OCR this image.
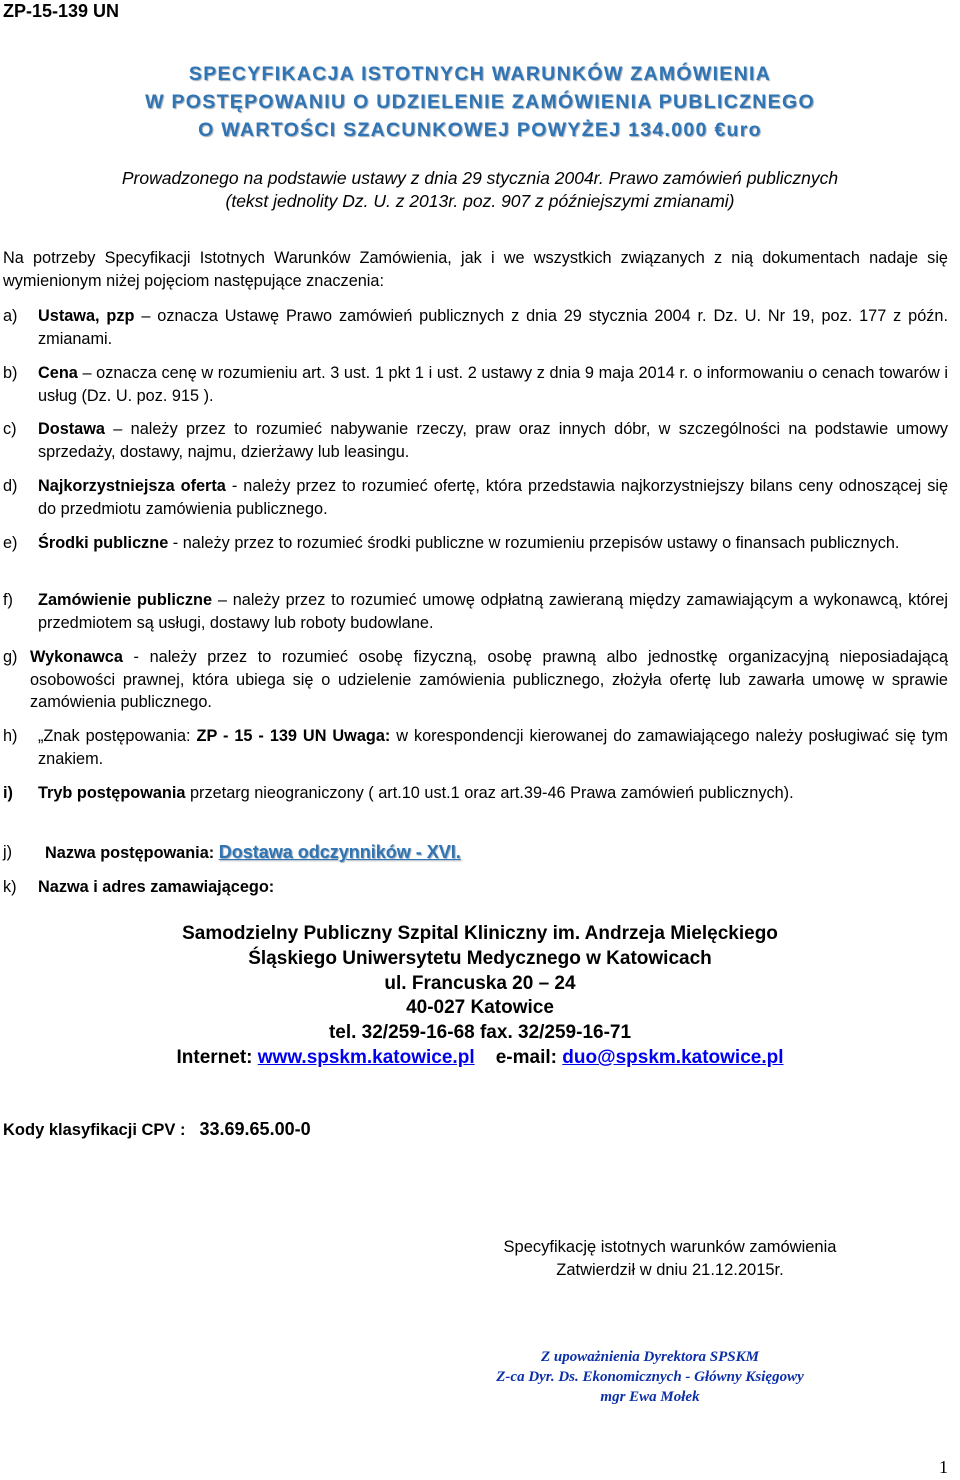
ZP-15-139 UN
SPECYFIKACJA ISTOTNYCH WARUNKÓW ZAMÓWIENIA
W POSTĘPOWANIU O UDZIELENIE ZAMÓWIENIA PUBLICZNEGO
O WARTOŚCI SZACUNKOWEJ POWYŻEJ 134.000 €uro
Prowadzonego na podstawie ustawy z dnia 29 stycznia 2004r. Prawo zamówień publicznych
(tekst jednolity Dz. U. z 2013r. poz. 907 z późniejszymi zmianami)
Na potrzeby Specyfikacji Istotnych Warunków Zamówienia, jak i we wszystkich związanych z nią dokumentach nadaje się wymienionym niżej pojęciom następujące znaczenia:
a) Ustawa, pzp – oznacza Ustawę Prawo zamówień publicznych z dnia 29 stycznia 2004 r. Dz. U. Nr 19, poz. 177 z późn. zmianami.
b) Cena – oznacza cenę w rozumieniu art. 3 ust. 1 pkt 1 i ust. 2 ustawy z dnia 9 maja 2014 r. o informowaniu o cenach towarów i usług (Dz. U. poz. 915 ).
c) Dostawa – należy przez to rozumieć nabywanie rzeczy, praw oraz innych dóbr, w szczególności na podstawie umowy sprzedaży, dostawy, najmu, dzierżawy lub leasingu.
d) Najkorzystniejsza oferta - należy przez to rozumieć ofertę, która przedstawia najkorzystniejszy bilans ceny odnoszącej się do przedmiotu zamówienia publicznego.
e) Środki publiczne - należy przez to rozumieć środki publiczne w rozumieniu przepisów ustawy o finansach publicznych.
f) Zamówienie publiczne – należy przez to rozumieć umowę odpłatną zawieraną między zamawiającym a wykonawcą, której przedmiotem są usługi, dostawy lub roboty budowlane.
g) Wykonawca - należy przez to rozumieć osobę fizyczną, osobę prawną albo jednostkę organizacyjną nieposiadającą osobowości prawnej, która ubiega się o udzielenie zamówienia publicznego, złożyła ofertę lub zawarła umowę w sprawie zamówienia publicznego.
h) „Znak postępowania: ZP - 15 - 139 UN Uwaga: w korespondencji kierowanej do zamawiającego należy posługiwać się tym znakiem.
i) Tryb postępowania przetarg nieograniczony ( art.10 ust.1 oraz art.39-46 Prawa zamówień publicznych).
j) Nazwa postępowania: Dostawa odczynników - XVI.
k) Nazwa i adres zamawiającego:
Samodzielny Publiczny Szpital Kliniczny im. Andrzeja Mielęckiego
Śląskiego Uniwersytetu Medycznego w Katowicach
ul. Francuska 20 – 24
40-027 Katowice
tel. 32/259-16-68 fax. 32/259-16-71
Internet: www.spskm.katowice.pl e-mail: duo@spskm.katowice.pl
Kody klasyfikacji CPV : 33.69.65.00-0
Specyfikację istotnych warunków zamówienia
Zatwierdził w dniu 21.12.2015r.
Z upoważnienia Dyrektora SPSKM
Z-ca Dyr. Ds. Ekonomicznych - Główny Księgowy
mgr Ewa Mołek
1
